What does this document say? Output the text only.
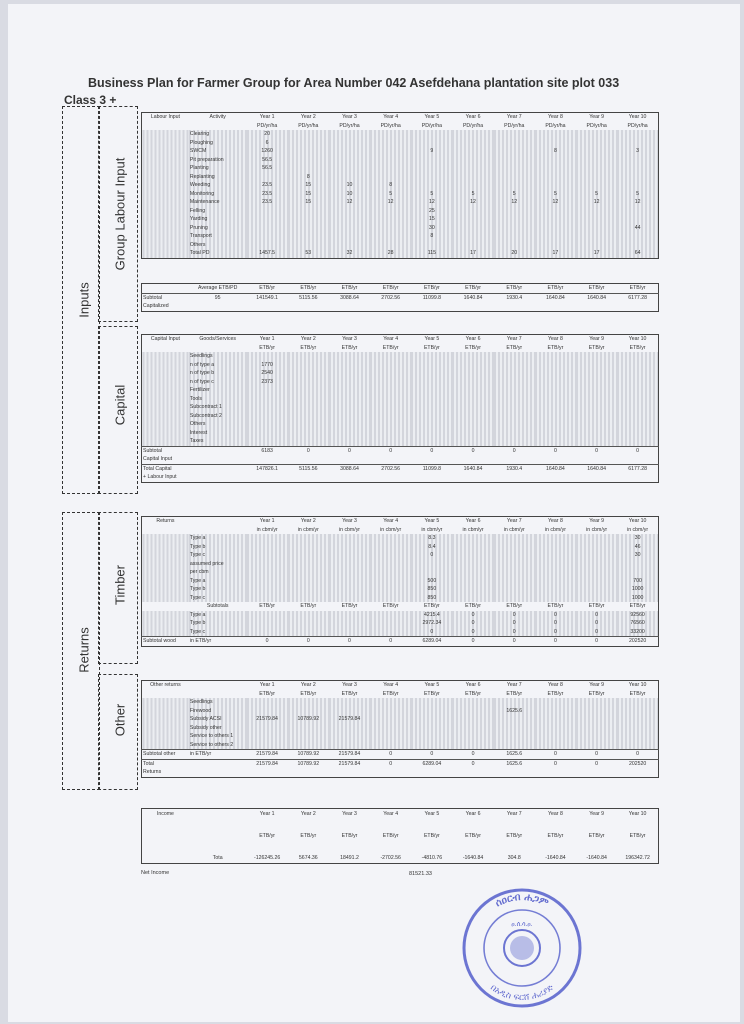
Business Plan for Farmer Group for Area Number 042 Asefdehana plantation site plot 033
Class 3 +
Inputs
Group Labour Input
Capital
Returns
Timber
Other
Labour Input	Activity	Year 1	Year 2	Year 3	Year 4	Year 5	Year 6	Year 7	Year 8	Year 9	Year 10
		PD/yr/ha	PD/yr/ha	PD/yr/ha	PD/yr/ha	PD/yr/ha	PD/yr/ha	PD/yr/ha	PD/yr/ha	PD/yr/ha	PD/yr/ha
	Clearing	20									
	Ploughing	6									
	SWCM	1260				9			8		3
	Pit preparation	56.5									
	Planting	56.5									
	Replanting		8								
	Weeding	23.5	15	10	8						
	Monitoring	23.5	15	10	5	5	5	5	5	5	5
	Maintenance	23.5	15	12	12	12	12	12	12	12	12
	Felling					25					
	Yarding					15					
	Pruning					30					44
	Transport					8					
	Others										
	Total PD	1457.5	53	32	28	115	17	20	17	17	64
	Average ETB/PD	ETB/yr	ETB/yr	ETB/yr	ETB/yr	ETB/yr	ETB/yr	ETB/yr	ETB/yr	ETB/yr	ETB/yr
Subtotal	95	141549.1	5115.56	3088.64	2702.56	11099.8	1640.84	1930.4	1640.84	1640.84	6177.28
Capitalized											
Capital Input	Goods/Services	Year 1	Year 2	Year 3	Year 4	Year 5	Year 6	Year 7	Year 8	Year 9	Year 10
		ETB/yr	ETB/yr	ETB/yr	ETB/yr	ETB/yr	ETB/yr	ETB/yr	ETB/yr	ETB/yr	ETB/yr
	Seedlings										
	n of type a	1770									
	n of type b	2540									
	n of type c	2373									
	Fertilizer										
	Tools										
	Subcontract 1										
	Subcontract 2										
	Others										
	Interest										
	Taxes										
Subtotal		6183	0	0	0	0	0	0	0	0	0
Capital Input											
Total Capital		147826.1	5115.56	3088.64	2702.56	11099.8	1640.84	1930.4	1640.84	1640.84	6177.28
+ Labour Input											
Returns		Year 1	Year 2	Year 3	Year 4	Year 5	Year 6	Year 7	Year 8	Year 9	Year 10
		in cbm/yr	in cbm/yr	in cbm/yr	in cbm/yr	in cbm/yr	in cbm/yr	in cbm/yr	in cbm/yr	in cbm/yr	in cbm/yr
	Type a					8.3					30
	Type b					8.4					46
	Type c					0					30
	assumed price										
	per cbm										
	Type a					500					700
	Type b					850					1000
	Type c					850					1000
	Subtotals	ETB/yr	ETB/yr	ETB/yr	ETB/yr	ETB/yr	ETB/yr	ETB/yr	ETB/yr	ETB/yr	ETB/yr
	Type a					4215.4	0	0	0	0	92560
	Type b					2972.34	0	0	0	0	76560
	Type c					0	0	0	0	0	33200
Subtotal wood	in ETB/yr	0	0	0	0	6289.04	0	0	0	0	202520
Other returns		Year 1	Year 2	Year 3	Year 4	Year 5	Year 6	Year 7	Year 8	Year 9	Year 10
		ETB/yr	ETB/yr	ETB/yr	ETB/yr	ETB/yr	ETB/yr	ETB/yr	ETB/yr	ETB/yr	ETB/yr
	Seedlings										
	Firewood							1625.6			
	Subsidy ACSI	21579.84	10789.92	21579.84							
	Subsidy other										
	Service to others 1										
	Service to others 2										
Subtotal other	in ETB/yr	21579.84	10789.92	21579.84	0	0	0	1625.6	0	0	0
Total		21579.84	10789.92	21579.84	0	6289.04	0	1625.6	0	0	202520
Returns											
Income		Year 1	Year 2	Year 3	Year 4	Year 5	Year 6	Year 7	Year 8	Year 9	Year 10

		ETB/yr	ETB/yr	ETB/yr	ETB/yr	ETB/yr	ETB/yr	ETB/yr	ETB/yr	ETB/yr	ETB/yr

	Tota	-126245.26	5674.36	18491.2	-2702.56	-4810.76	-1640.84	304.8	-1640.84	-1640.84	196342.72
Net Income	81521.33
ሰዐርብ ሐጋም
በአዲስ ፍርሸ ሐሪያድ
ዐ.ሰ.ሳ.ዐ.
